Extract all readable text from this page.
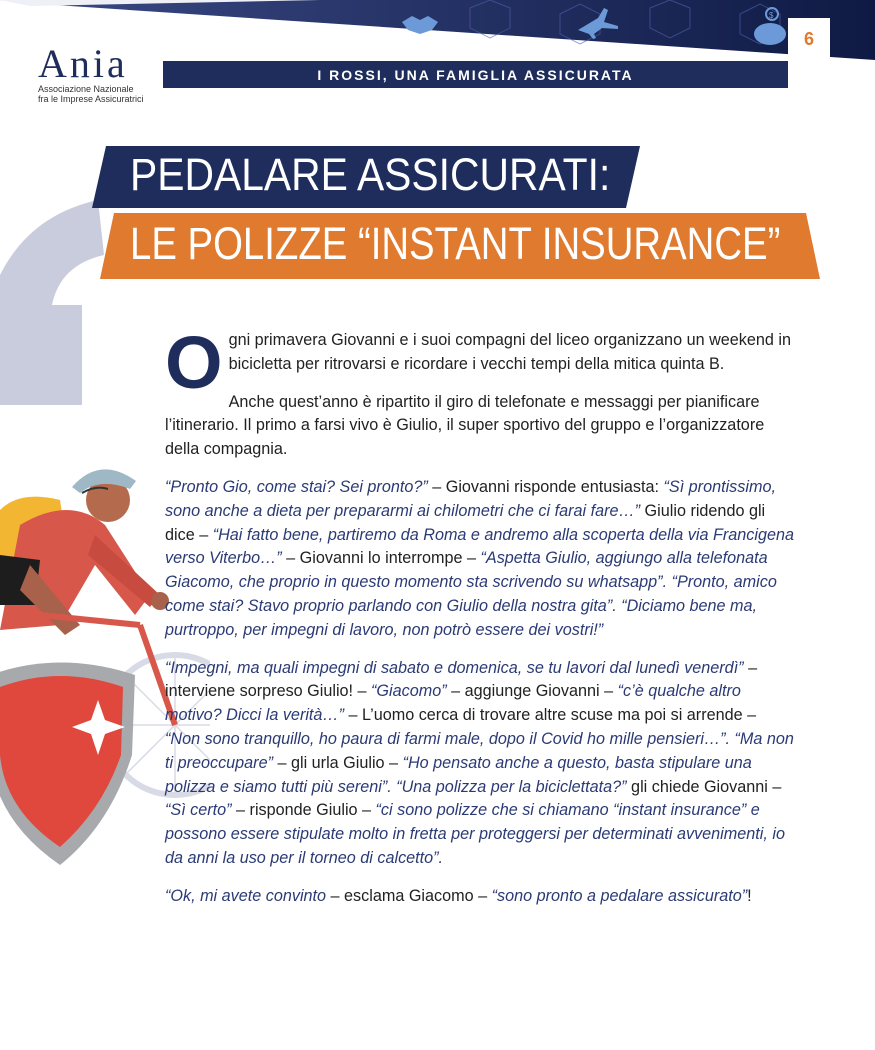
$
6
Ania
Associazione Nazionale
fra le Imprese Assicuratrici
I ROSSI, UNA FAMIGLIA ASSICURATA
PEDALARE ASSICURATI:
LE POLIZZE “INSTANT INSURANCE”

Ogni primavera Giovanni e i suoi compagni del liceo organizzano un weekend in bicicletta per ritrovarsi e ricordare i vecchi tempi della mitica quinta B.

Anche quest’anno è ripartito il giro di telefonate e messaggi per pianificare l’itinerario. Il primo a farsi vivo è Giulio, il super sportivo del gruppo e l’organizzatore della compagnia.

“Pronto Gio, come stai? Sei pronto?” – Giovanni risponde entusiasta: “Sì prontissimo, sono anche a dieta per prepararmi ai chilometri che ci farai fare…” Giulio ridendo gli dice – “Hai fatto bene, partiremo da Roma e andremo alla scoperta della via Francigena verso Viterbo…” – Giovanni lo interrompe – “Aspetta Giulio, aggiungo alla telefonata Giacomo, che proprio in questo momento sta scrivendo su whatsapp”. “Pronto, amico come stai? Stavo proprio parlando con Giulio della nostra gita”. “Diciamo bene ma, purtroppo, per impegni di lavoro, non potrò essere dei vostri!”

“Impegni, ma quali impegni di sabato e domenica, se tu lavori dal lunedì venerdì” – interviene sorpreso Giulio! – “Giacomo” – aggiunge Giovanni – “c’è qualche altro motivo? Dicci la verità…” – L’uomo cerca di trovare altre scuse ma poi si arrende – “Non sono tranquillo, ho paura di farmi male, dopo il Covid ho mille pensieri…”. “Ma non ti preoccupare” – gli urla Giulio – “Ho pensato anche a questo, basta stipulare una polizza e siamo tutti più sereni”. “Una polizza per la biciclettata?” gli chiede Giovanni – “Sì certo” – risponde Giulio – “ci sono polizze che si chiamano “instant insurance” e possono essere stipulate molto in fretta per proteggersi per determinati avvenimenti, io da anni la uso per il torneo di calcetto”.

“Ok, mi avete convinto – esclama Giacomo – “sono pronto a pedalare assicurato”!
